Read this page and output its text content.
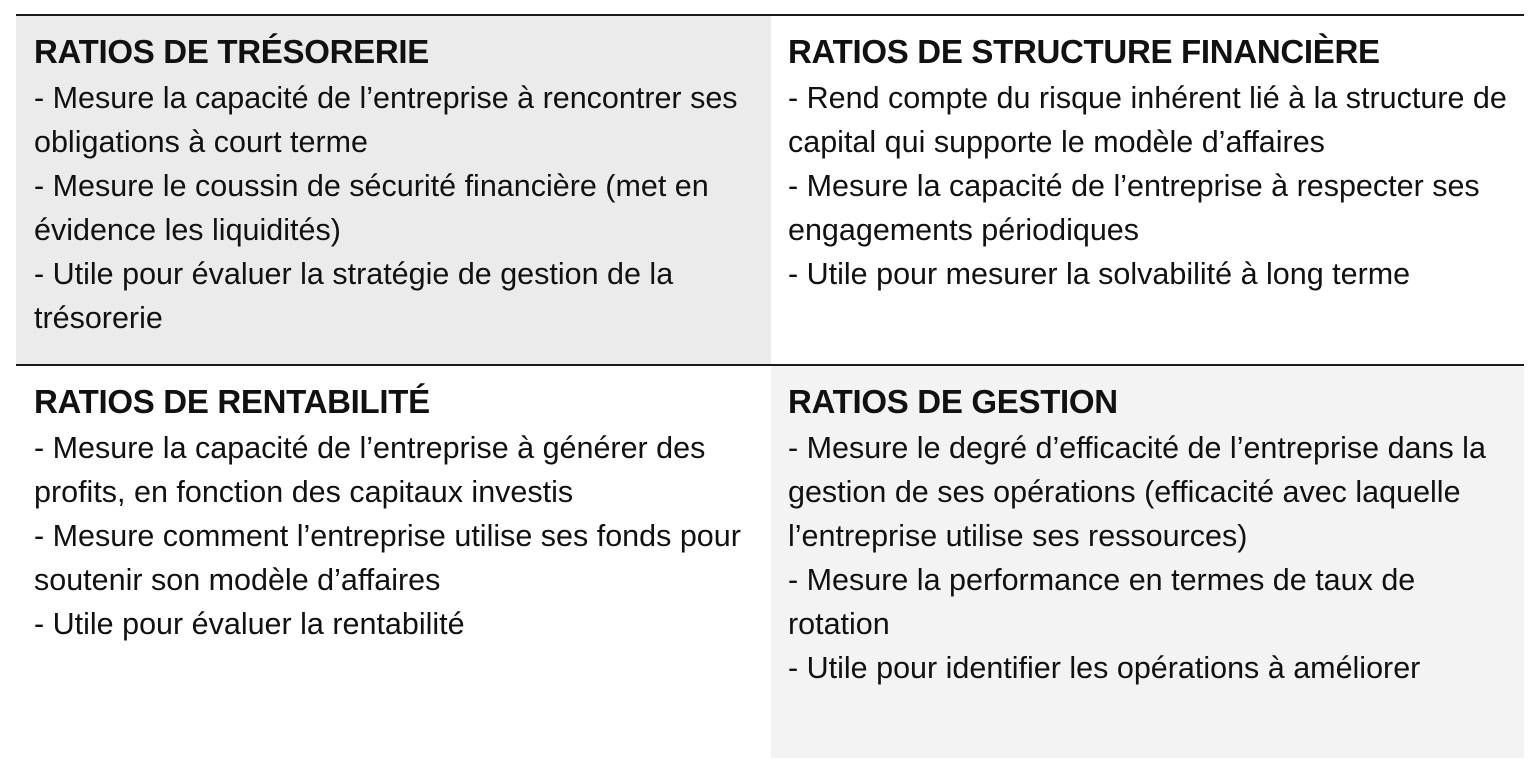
RATIOS DE TRÉSORERIE
- Mesure la capacité de l’entreprise à rencontrer ses obligations à court terme
- Mesure le coussin de sécurité financière (met en évidence les liquidités)
- Utile pour évaluer la stratégie de gestion de la trésorerie
RATIOS DE STRUCTURE FINANCIÈRE
- Rend compte du risque inhérent lié à la structure de capital qui supporte le modèle d’affaires
- Mesure la capacité de l’entreprise à respecter ses engagements périodiques
- Utile pour mesurer la solvabilité à long terme
RATIOS DE RENTABILITÉ
- Mesure la capacité de l’entreprise à générer des profits, en fonction des capitaux investis
- Mesure comment l’entreprise utilise ses fonds pour soutenir son modèle d’affaires
- Utile pour évaluer la rentabilité
RATIOS DE GESTION
- Mesure le degré d’efficacité de l’entreprise dans la gestion de ses opérations (efficacité avec laquelle l’entreprise utilise ses ressources)
- Mesure la performance en termes de taux de rotation
- Utile pour identifier les opérations à améliorer
